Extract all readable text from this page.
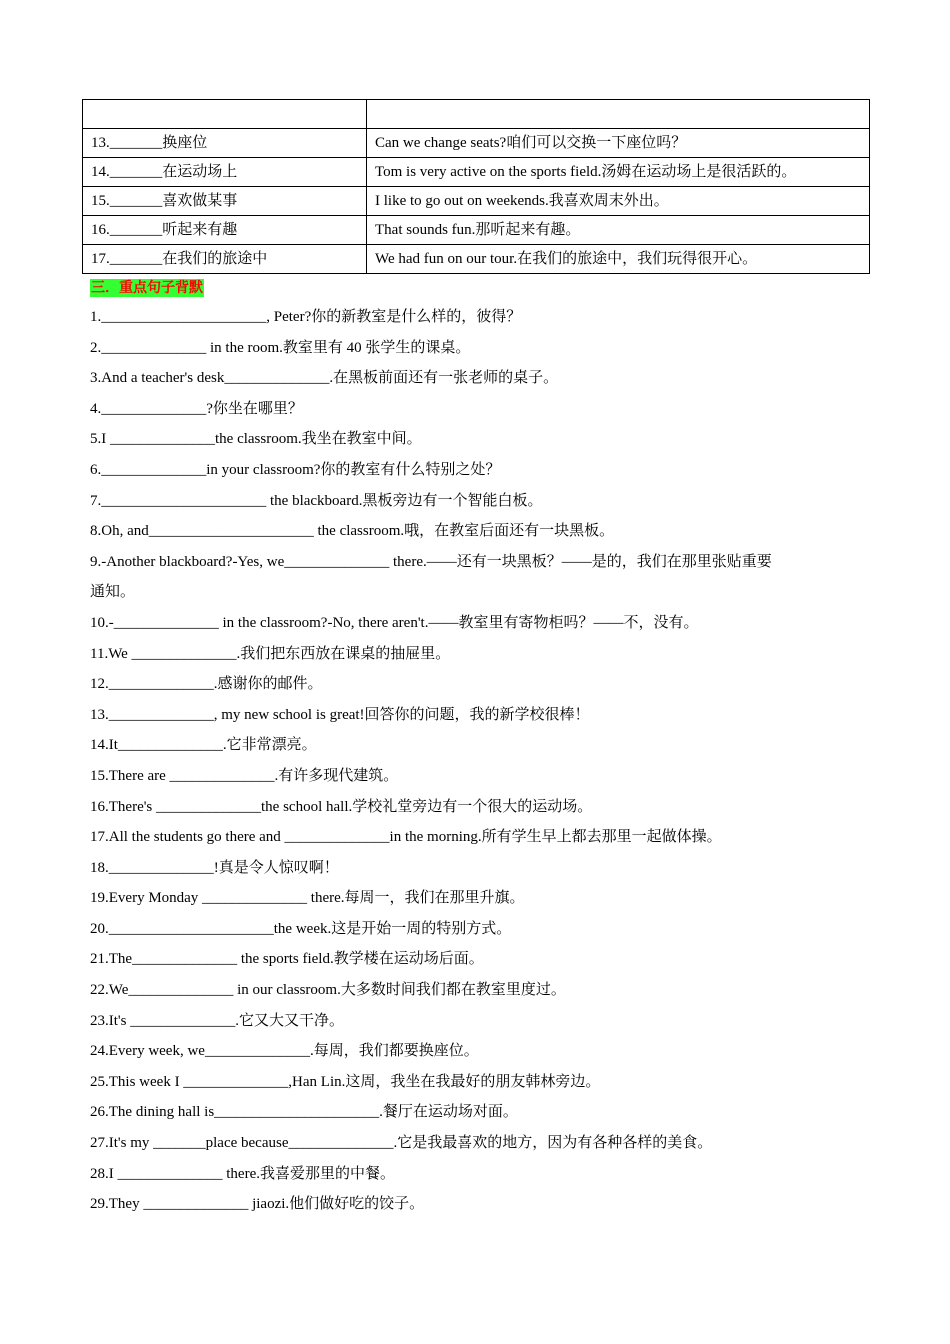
13._______换座位	Can we change seats?咱们可以交换一下座位吗？
14._______在运动场上	Tom is very active on the sports field.汤姆在运动场上是很活跃的。
15._______喜欢做某事	I like to go out on weekends.我喜欢周末外出。
16._______听起来有趣	That sounds fun.那听起来有趣。
17._______在我们的旅途中	We had fun on our tour.在我们的旅途中，我们玩得很开心。
三．重点句子背默
1.______________________, Peter?你的新教室是什么样的，彼得？
2.______________ in the room.教室里有 40 张学生的课桌。
3.And a teacher's desk______________.在黑板前面还有一张老师的桌子。
4.______________?你坐在哪里？
5.I ______________the classroom.我坐在教室中间。
6.______________in your classroom?你的教室有什么特别之处？
7.______________________ the blackboard.黑板旁边有一个智能白板。
8.Oh, and______________________ the classroom.哦，在教室后面还有一块黑板。
9.-Another blackboard?-Yes, we______________ there.——还有一块黑板？——是的，我们在那里张贴重要
通知。
10.-______________ in the classroom?-No, there aren't.——教室里有寄物柜吗？——不，没有。
11.We ______________.我们把东西放在课桌的抽屉里。
12.______________.感谢你的邮件。
13.______________, my new school is great!回答你的问题，我的新学校很棒！
14.It______________.它非常漂亮。
15.There are ______________.有许多现代建筑。
16.There's ______________the school hall.学校礼堂旁边有一个很大的运动场。
17.All the students go there and ______________in the morning.所有学生早上都去那里一起做体操。
18.______________!真是令人惊叹啊！
19.Every Monday ______________ there.每周一，我们在那里升旗。
20.______________________the week.这是开始一周的特别方式。
21.The______________ the sports field.教学楼在运动场后面。
22.We______________ in our classroom.大多数时间我们都在教室里度过。
23.It's ______________.它又大又干净。
24.Every week, we______________.每周，我们都要换座位。
25.This week I ______________,Han Lin.这周，我坐在我最好的朋友韩林旁边。
26.The dining hall is______________________.餐厅在运动场对面。
27.It's my _______place because______________.它是我最喜欢的地方，因为有各种各样的美食。
28.I ______________ there.我喜爱那里的中餐。
29.They ______________ jiaozi.他们做好吃的饺子。
